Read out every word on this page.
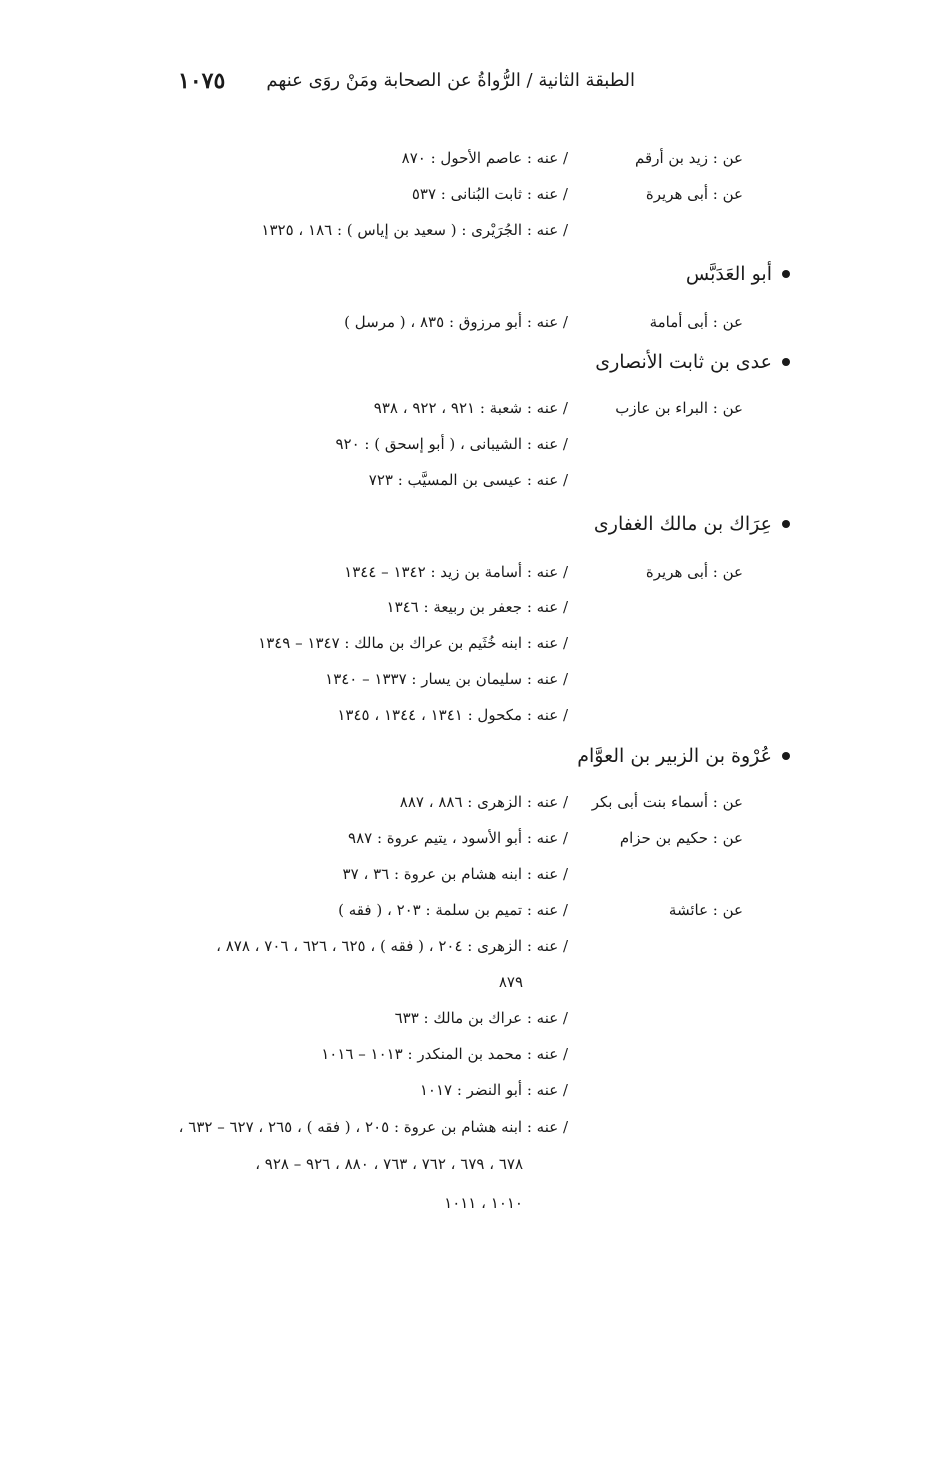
١٠٧٥ الطبقة الثانية / الرُّواةُ عن الصحابة ومَنْ روَى عنهم
عن : زيد بن أرقم
/ عنه : عاصم الأحول : ٨٧٠
عن : أبى هريرة
/ عنه : ثابت البُنانى : ٥٣٧
/ عنه : الجُرَيْرى : ( سعيد بن إياس ) : ١٨٦ ، ١٣٢٥
أبو العَدَبَّس
عن : أبى أمامة
/ عنه : أبو مرزوق : ٨٣٥ ، ( مرسل )
عدى بن ثابت الأنصارى
عن : البراء بن عازب
/ عنه : شعبة : ٩٢١ ، ٩٢٢ ، ٩٣٨
/ عنه : الشيبانى ، ( أبو إسحق ) : ٩٢٠
/ عنه : عيسى بن المسيَّب : ٧٢٣
عِرَاك بن مالك الغفارى
عن : أبى هريرة
/ عنه : أسامة بن زيد : ١٣٤٢ – ١٣٤٤
/ عنه : جعفر بن ربيعة : ١٣٤٦
/ عنه : ابنه خُثَيم بن عراك بن مالك : ١٣٤٧ – ١٣٤٩
/ عنه : سليمان بن يسار : ١٣٣٧ – ١٣٤٠
/ عنه : مكحول : ١٣٤١ ، ١٣٤٤ ، ١٣٤٥
عُرْوة بن الزبير بن العوَّام
عن : أسماء بنت أبى بكر
/ عنه : الزهرى : ٨٨٦ ، ٨٨٧
عن : حكيم بن حزام
/ عنه : أبو الأسود ، يتيم عروة : ٩٨٧
/ عنه : ابنه هشام بن عروة : ٣٦ ، ٣٧
عن : عائشة
/ عنه : تميم بن سلمة : ٢٠٣ ، ( فقه )
/ عنه : الزهرى : ٢٠٤ ، ( فقه ) ، ٦٢٥ ، ٦٢٦ ، ٧٠٦ ، ٨٧٨ ،
٨٧٩
/ عنه : عراك بن مالك : ٦٣٣
/ عنه : محمد بن المنكدر : ١٠١٣ – ١٠١٦
/ عنه : أبو النضر : ١٠١٧
/ عنه : ابنه هشام بن عروة : ٢٠٥ ، ( فقه ) ، ٢٦٥ ، ٦٢٧ – ٦٣٢ ،
٦٧٨ ، ٦٧٩ ، ٧٦٢ ، ٧٦٣ ، ٨٨٠ ، ٩٢٦ – ٩٢٨ ،
١٠١٠ ، ١٠١١
